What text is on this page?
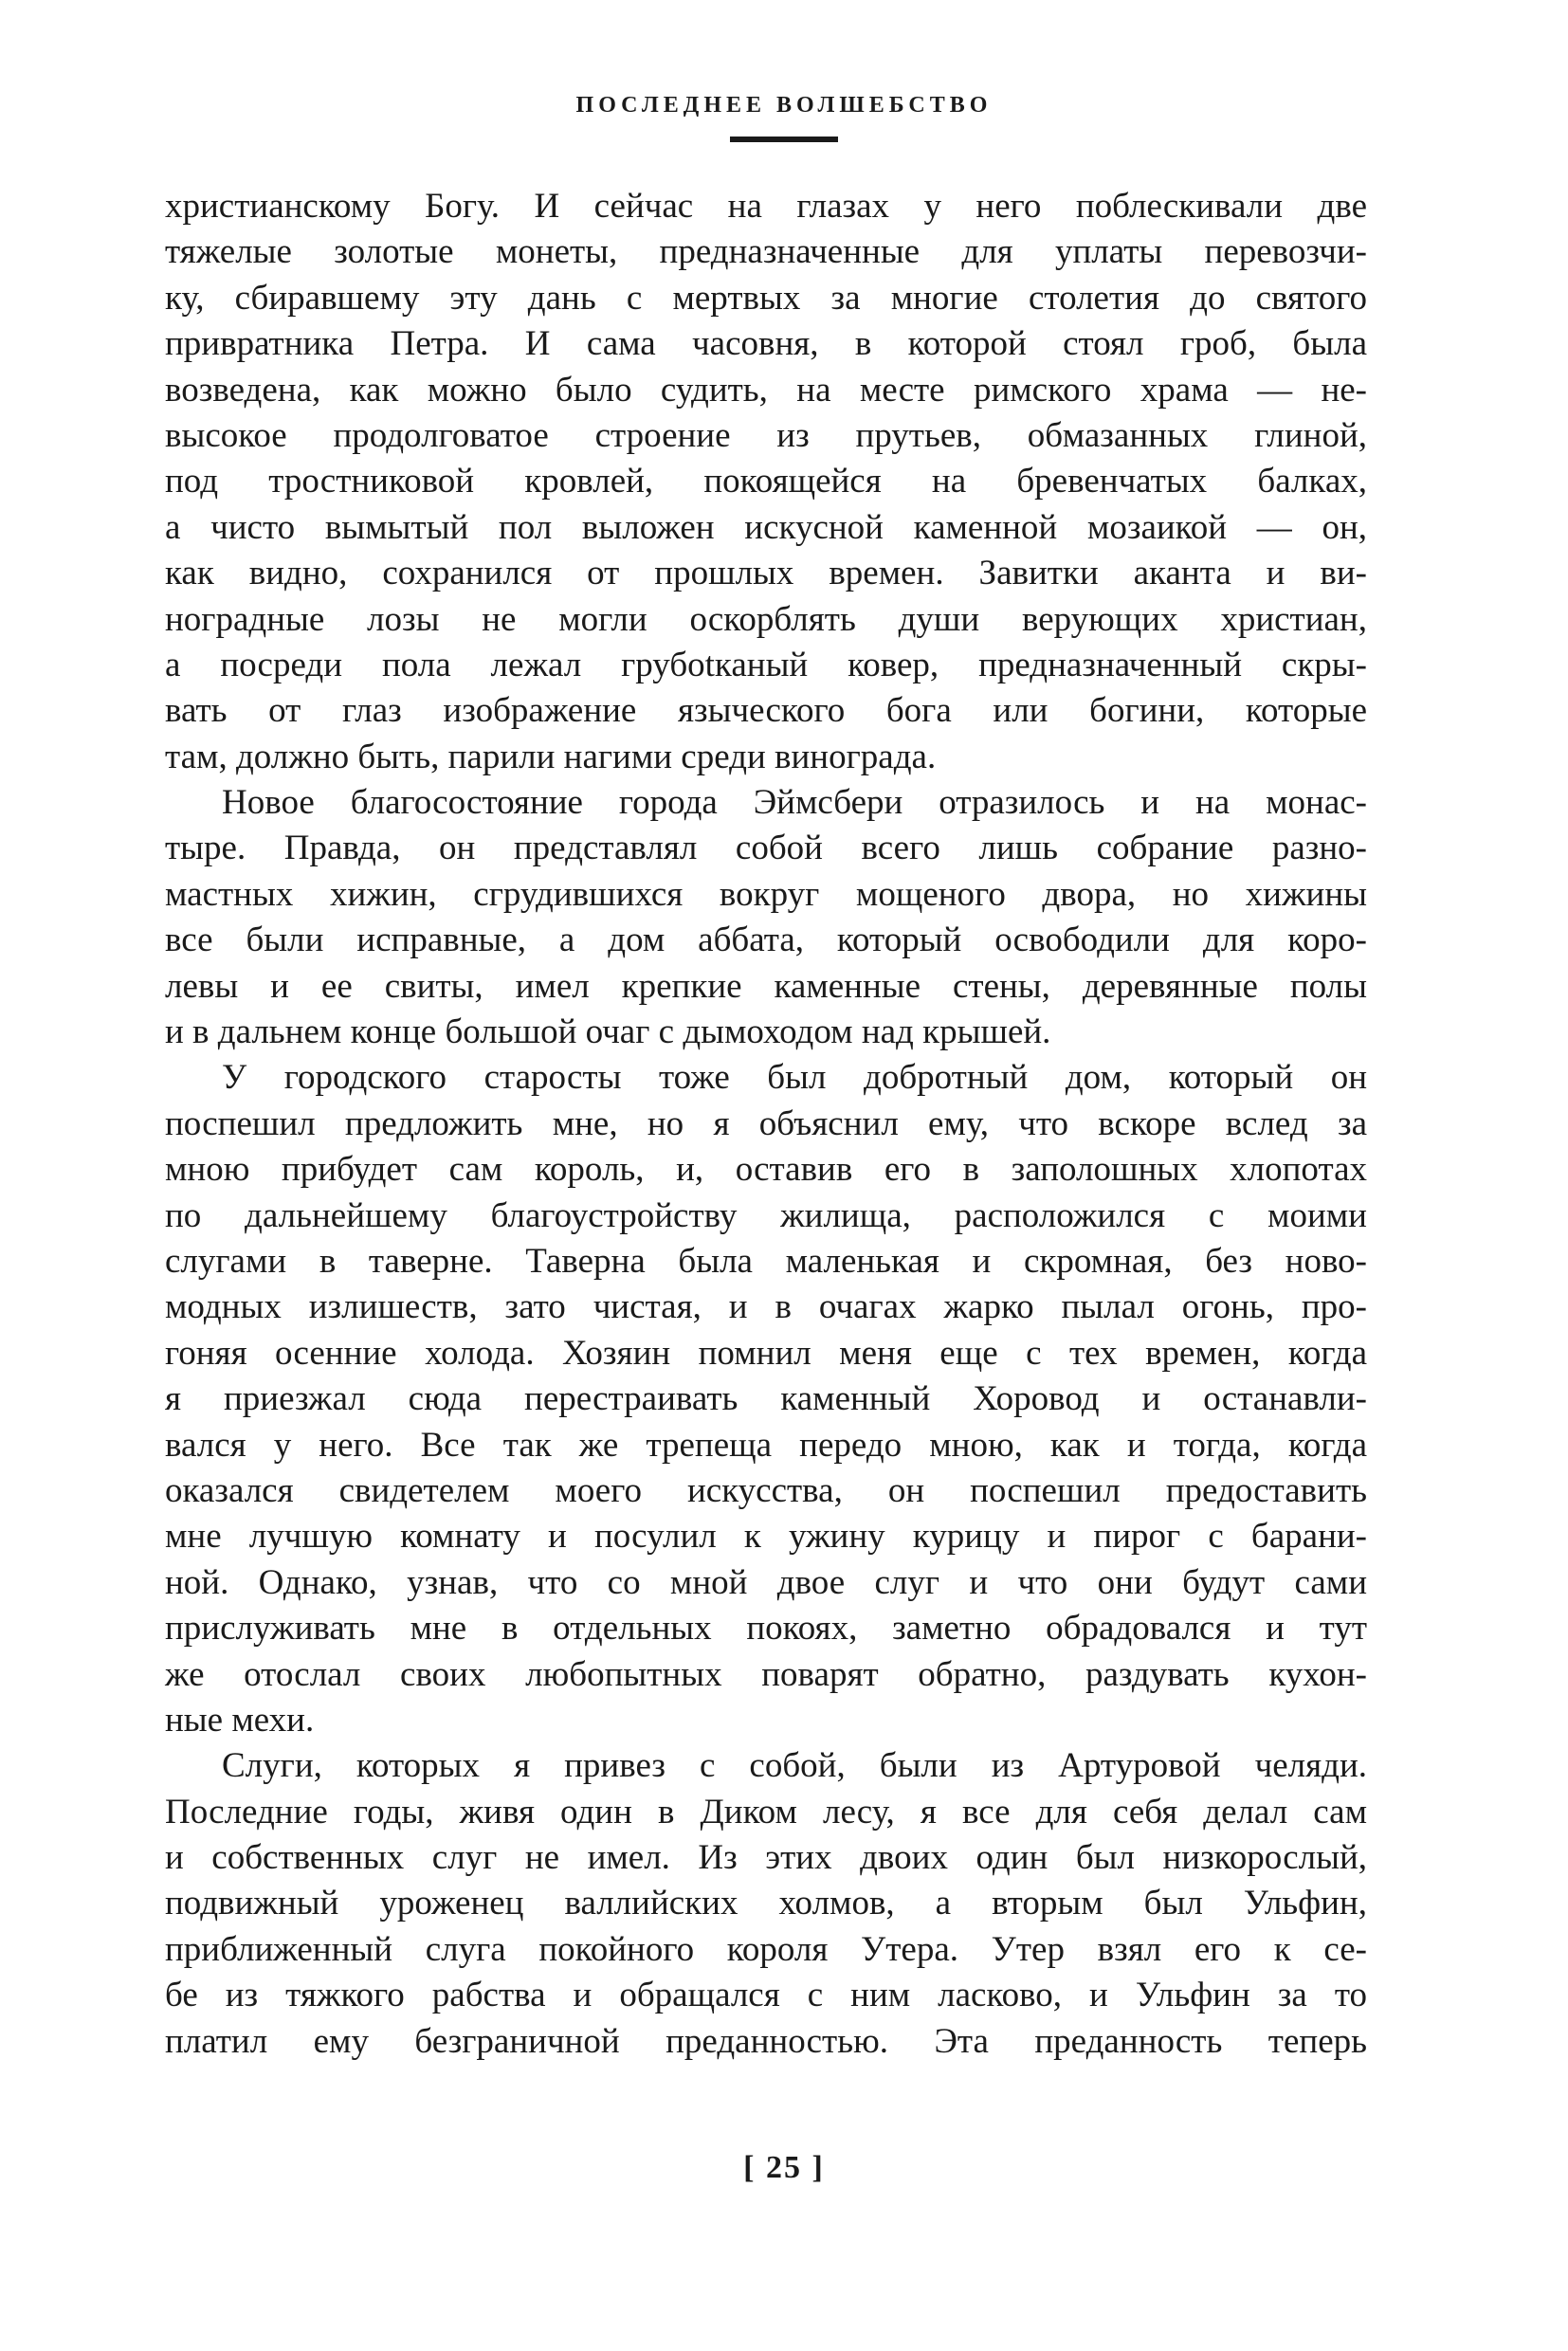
ПОСЛЕДНЕЕ ВОЛШЕБСТВО
христианскому Богу. И сейчас на глазах у него поблескивали две
тяжелые золотые монеты, предназначенные для уплаты перевозчи-
ку, сбиравшему эту дань с мертвых за многие столетия до святого
привратника Петра. И сама часовня, в которой стоял гроб, была
возведена, как можно было судить, на месте римского храма — не-
высокое продолговатое строение из прутьев, обмазанных глиной,
под тростниковой кровлей, покоящейся на бревенчатых балках,
а чисто вымытый пол выложен искусной каменной мозаикой — он,
как видно, сохранился от прошлых времен. Завитки аканта и ви-
ноградные лозы не могли оскорблять души верующих христиан,
а посреди пола лежал грубotканый ковер, предназначенный скры-
вать от глаз изображение языческого бога или богини, которые
там, должно быть, парили нагими среди винограда.
Новое благосостояние города Эймсбери отразилось и на монас-
тыре. Правда, он представлял собой всего лишь собрание разно-
мастных хижин, сгрудившихся вокруг мощеного двора, но хижины
все были исправные, а дом аббата, который освободили для коро-
левы и ее свиты, имел крепкие каменные стены, деревянные полы
и в дальнем конце большой очаг с дымоходом над крышей.
У городского старосты тоже был добротный дом, который он
поспешил предложить мне, но я объяснил ему, что вскоре вслед за
мною прибудет сам король, и, оставив его в заполошных хлопотах
по дальнейшему благоустройству жилища, расположился с моими
слугами в таверне. Таверна была маленькая и скромная, без ново-
модных излишеств, зато чистая, и в очагах жарко пылал огонь, про-
гоняя осенние холода. Хозяин помнил меня еще с тех времен, когда
я приезжал сюда перестраивать каменный Хоровод и останавли-
вался у него. Все так же трепеща передо мною, как и тогда, когда
оказался свидетелем моего искусства, он поспешил предоставить
мне лучшую комнату и посулил к ужину курицу и пирог с барани-
ной. Однако, узнав, что со мной двое слуг и что они будут сами
прислуживать мне в отдельных покоях, заметно обрадовался и тут
же отослал своих любопытных поварят обратно, раздувать кухон-
ные мехи.
Слуги, которых я привез с собой, были из Артуровой челяди.
Последние годы, живя один в Диком лесу, я все для себя делал сам
и собственных слуг не имел. Из этих двоих один был низкорослый,
подвижный уроженец валлийских холмов, а вторым был Ульфин,
приближенный слуга покойного короля Утера. Утер взял его к се-
бе из тяжкого рабства и обращался с ним ласково, и Ульфин за то
платил ему безграничной преданностью. Эта преданность теперь
[ 25 ]
